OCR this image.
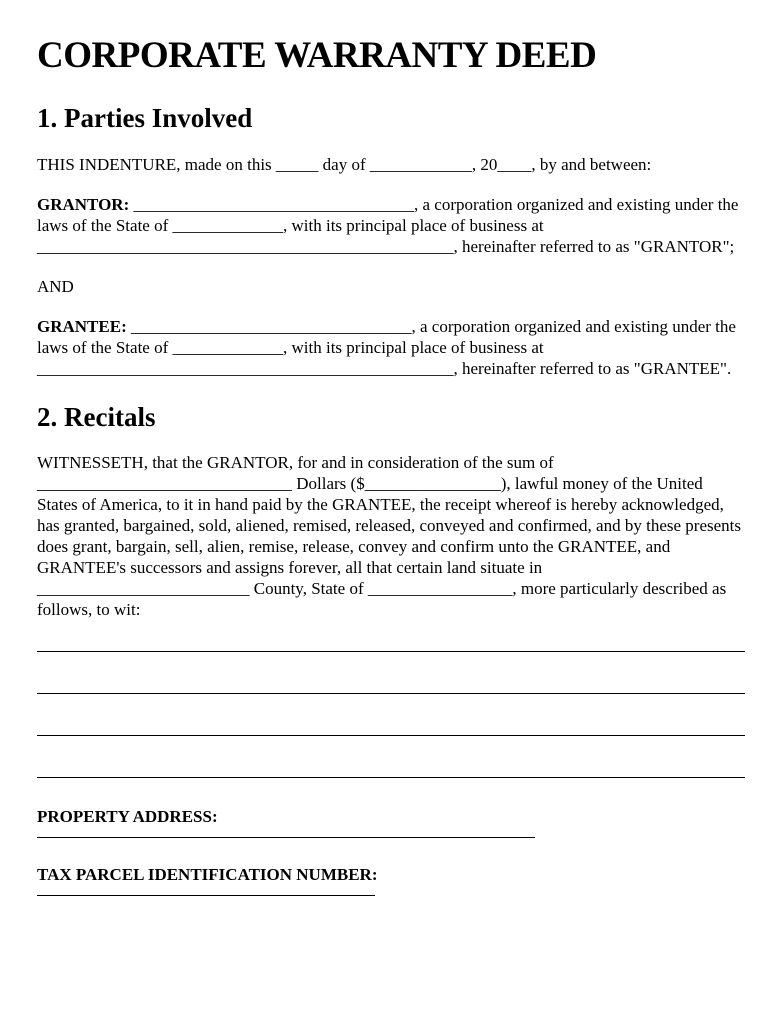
CORPORATE WARRANTY DEED
1. Parties Involved

THIS INDENTURE, made on this _____ day of ____________, 20____, by and between:

GRANTOR: _________________________________, a corporation organized and existing under the laws of the State of _____________, with its principal place of business at _________________________________________________, hereinafter referred to as "GRANTOR";

AND

GRANTEE: _________________________________, a corporation organized and existing under the laws of the State of _____________, with its principal place of business at _________________________________________________, hereinafter referred to as "GRANTEE".

2. Recitals

WITNESSETH, that the GRANTOR, for and in consideration of the sum of ______________________________ Dollars ($________________), lawful money of the United States of America, to it in hand paid by the GRANTEE, the receipt whereof is hereby acknowledged, has granted, bargained, sold, aliened, remised, released, conveyed and confirmed, and by these presents does grant, bargain, sell, alien, remise, release, convey and confirm unto the GRANTEE, and GRANTEE's successors and assigns forever, all that certain land situate in _________________________ County, State of _________________, more particularly described as follows, to wit:

PROPERTY ADDRESS:
TAX PARCEL IDENTIFICATION NUMBER:
